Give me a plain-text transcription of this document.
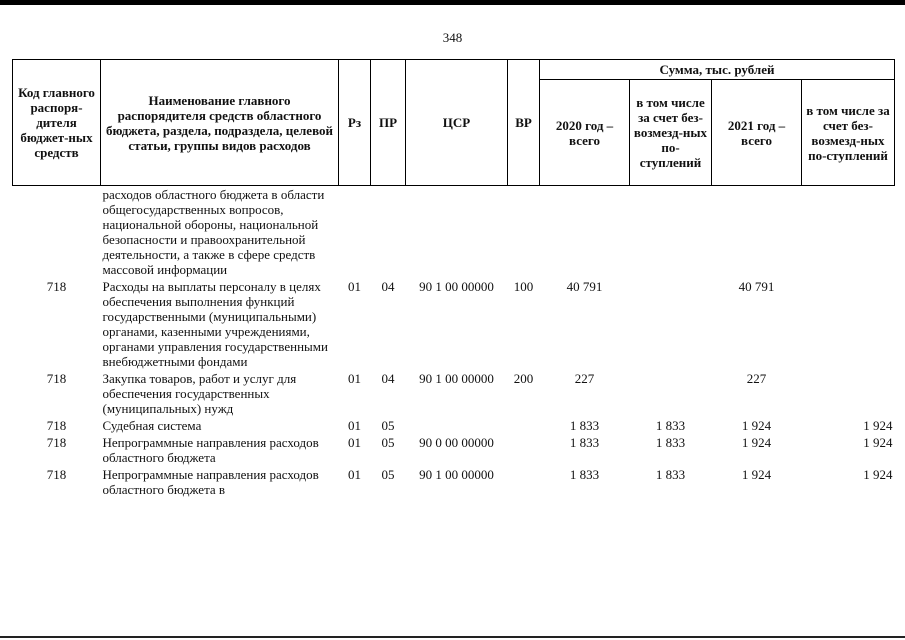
348
Код главного распоря-дителя бюджет-ных средств	Наименование главного распорядителя средств областного бюджета, раздела, подраздела, целевой статьи, группы видов расходов	Рз	ПР	ЦСР	ВР	Сумма, тыс. рублей			
						2020 год – всего	в том числе за счет без-возмезд-ных по-ступлений	2021 год – всего	в том числе за счет без-возмезд-ных по-ступлений
	расходов областного бюджета в области общегосударственных вопросов, национальной обороны, национальной безопасности и правоохранительной деятельности, а также в сфере средств массовой информации								
718	Расходы на выплаты персоналу в целях обеспечения выполнения функций государственными (муниципальными) органами, казенными учреждениями, органами управления государственными внебюджетными фондами	01	04	90 1 00 00000	100	40 791		40 791	
718	Закупка товаров, работ и услуг для обеспечения государственных (муниципальных) нужд	01	04	90 1 00 00000	200	227		227	
718	Судебная система	01	05			1 833	1 833	1 924	1 924
718	Непрограммные направления расходов областного бюджета	01	05	90 0 00 00000		1 833	1 833	1 924	1 924
718	Непрограммные направления расходов областного бюджета в	01	05	90 1 00 00000		1 833	1 833	1 924	1 924
